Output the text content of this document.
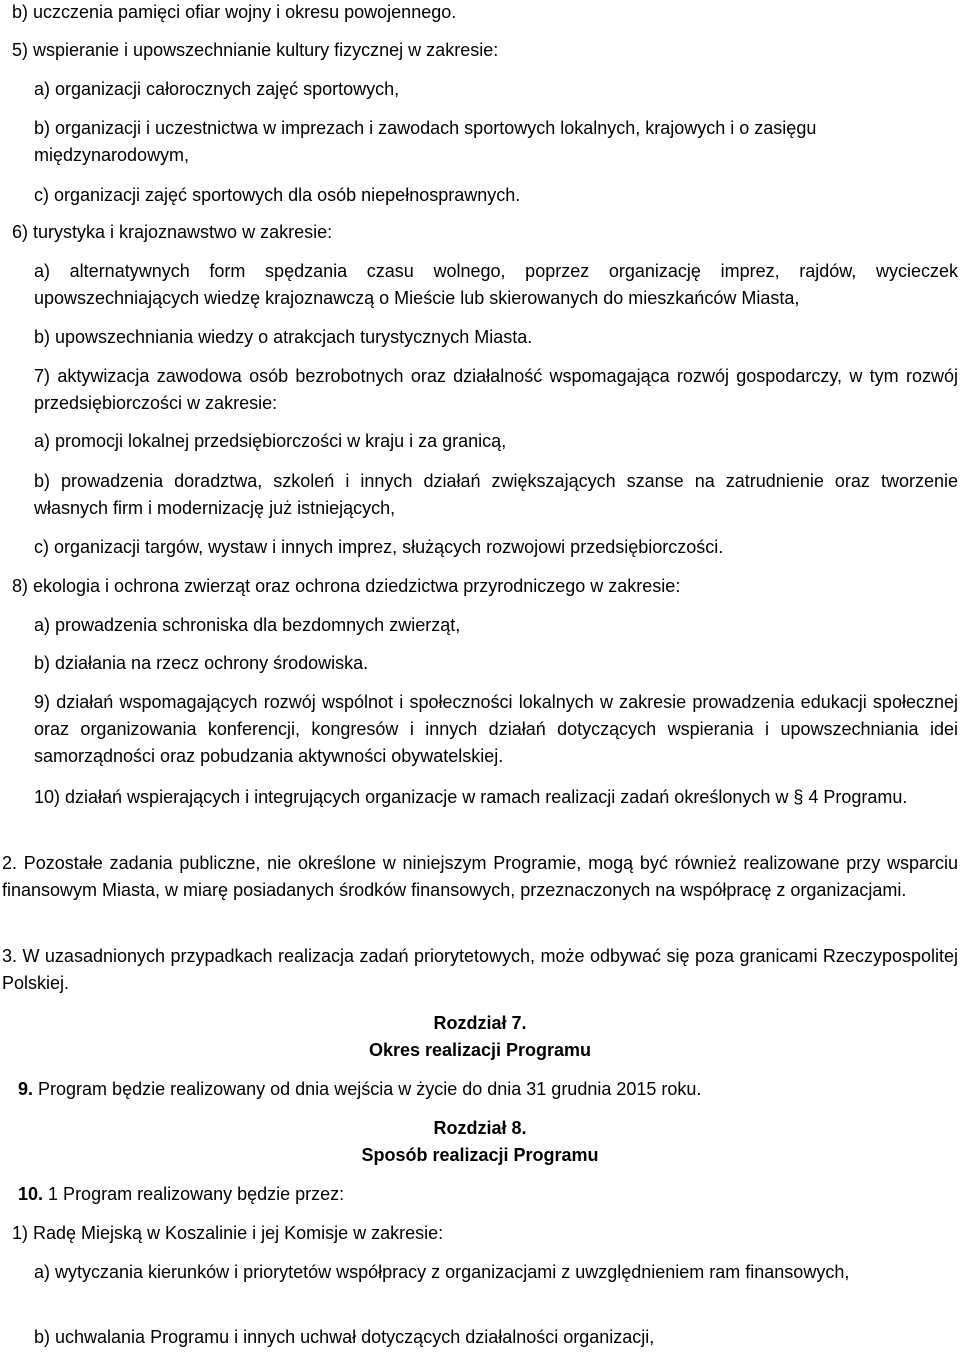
b) uczczenia pamięci ofiar wojny i okresu powojennego.

5) wspieranie i upowszechnianie kultury fizycznej w zakresie:

a) organizacji całorocznych zajęć sportowych,

b) organizacji i uczestnictwa w imprezach i zawodach sportowych lokalnych, krajowych i o zasięgu międzynarodowym,

c) organizacji zajęć sportowych dla osób niepełnosprawnych.

6) turystyka i krajoznawstwo w zakresie:

a) alternatywnych form spędzania czasu wolnego, poprzez organizację imprez, rajdów, wycieczek upowszechniających wiedzę krajoznawczą o Mieście lub skierowanych do mieszkańców Miasta,

b) upowszechniania wiedzy o atrakcjach turystycznych Miasta.

7) aktywizacja zawodowa osób bezrobotnych oraz działalność wspomagająca rozwój gospodarczy, w tym rozwój przedsiębiorczości w zakresie:

a) promocji lokalnej przedsiębiorczości w kraju i za granicą,

b) prowadzenia doradztwa, szkoleń i innych działań zwiększających szanse na zatrudnienie oraz tworzenie własnych firm i modernizację już istniejących,

c) organizacji targów, wystaw i innych imprez, służących rozwojowi przedsiębiorczości.

8) ekologia i ochrona zwierząt oraz ochrona dziedzictwa przyrodniczego w zakresie:

a) prowadzenia schroniska dla bezdomnych zwierząt,

b) działania na rzecz ochrony środowiska.

9) działań wspomagających rozwój wspólnot i społeczności lokalnych w zakresie prowadzenia edukacji społecznej oraz organizowania konferencji, kongresów i innych działań dotyczących wspierania i upowszechniania idei samorządności oraz pobudzania aktywności obywatelskiej.

10) działań wspierających i integrujących organizacje w ramach realizacji zadań określonych w § 4 Programu.

2. Pozostałe zadania publiczne, nie określone w niniejszym Programie, mogą być również realizowane przy wsparciu finansowym Miasta, w miarę posiadanych środków finansowych, przeznaczonych na współpracę z organizacjami.

3. W uzasadnionych przypadkach realizacja zadań priorytetowych, może odbywać się poza granicami Rzeczypospolitej Polskiej.

Rozdział 7.

Okres realizacji Programu

9. Program będzie realizowany od dnia wejścia w życie do dnia 31 grudnia 2015 roku.

Rozdział 8.

Sposób realizacji Programu

10. 1 Program realizowany będzie przez:

1) Radę Miejską w Koszalinie i jej Komisje w zakresie:

a) wytyczania kierunków i priorytetów współpracy z organizacjami z uwzględnieniem ram finansowych,

b) uchwalania Programu i innych uchwał dotyczących działalności organizacji,
